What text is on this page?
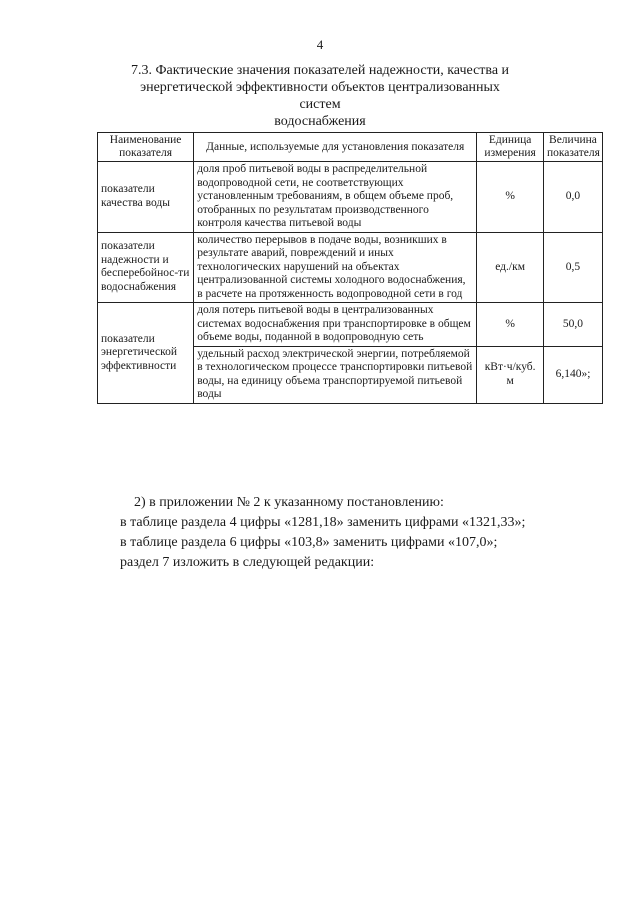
4
7.3. Фактические значения показателей надежности, качества и
энергетической эффективности объектов централизованных систем
водоснабжения
Наименование показателя	Данные, используемые для установления показателя	Единица измерения	Величина показателя
показатели качества воды	доля проб питьевой воды в распределительной водопроводной сети, не соответствующих установленным требованиям, в общем объеме проб, отобранных по результатам производственного контроля качества питьевой воды	%	0,0
показатели надежности и бесперебойнос-ти водоснабжения	количество перерывов в подаче воды, возникших в результате аварий, повреждений и иных технологических нарушений на объектах централизованной системы холодного водоснабжения, в расчете на протяженность водопроводной сети в год	ед./км	0,5
показатели энергетической эффективности	доля потерь питьевой воды в централизованных системах водоснабжения при транспортировке в общем объеме воды, поданной в водопроводную сеть	%	50,0
	удельный расход электрической энергии, потребляемой в технологическом процессе транспортировки питьевой воды, на единицу объема транспортируемой питьевой воды	кВт·ч/куб. м	6,140»;

2) в приложении № 2 к указанному постановлению:

в таблице раздела 4 цифры «1281,18» заменить цифрами «1321,33»;

в таблице раздела 6 цифры «103,8» заменить цифрами «107,0»;

раздел 7 изложить в следующей редакции:
